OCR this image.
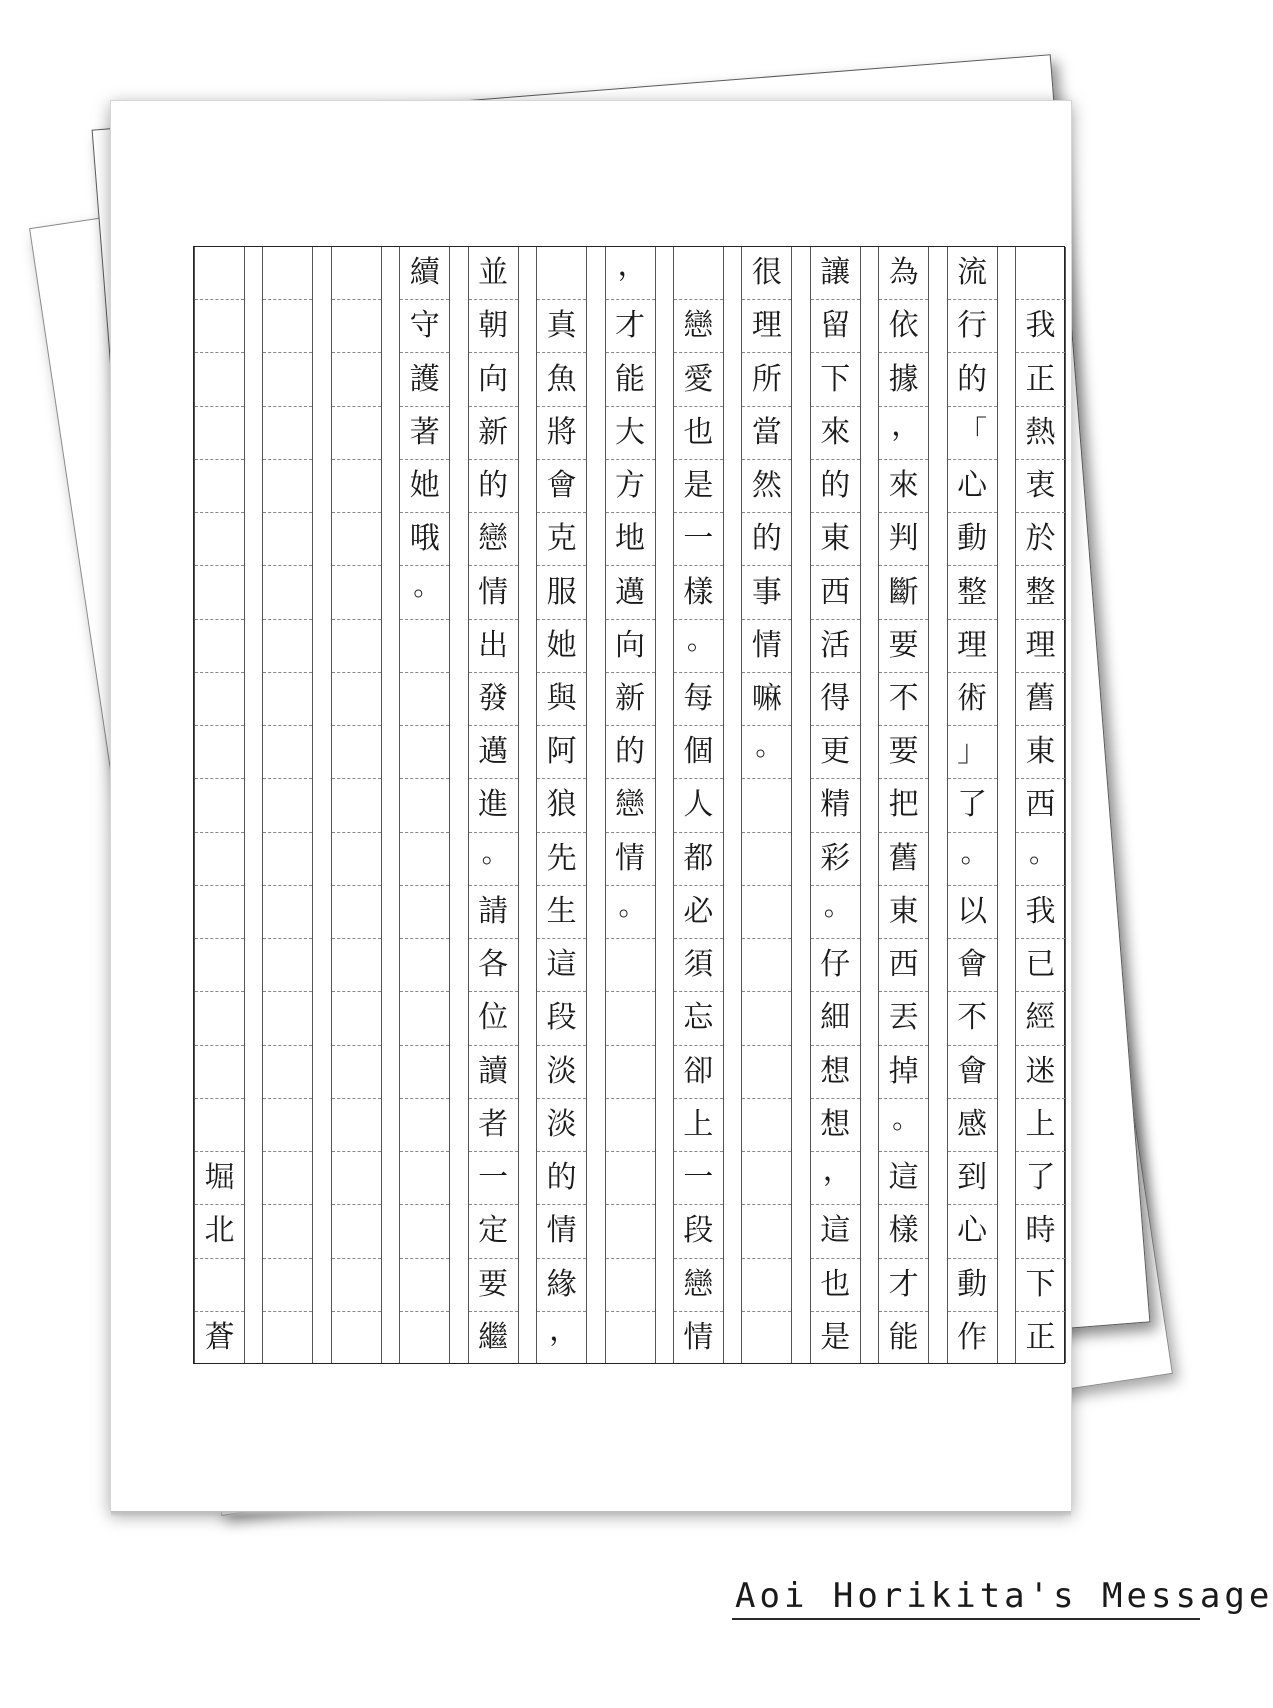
我
正
熱
衷
於
整
理
舊
東
西
。
我
已
經
迷
上
了
時
下
正
流
行
的
「
心
動
整
理
術
」
了
。
以
會
不
會
感
到
心
動
作
為
依
據
，
來
判
斷
要
不
要
把
舊
東
西
丟
掉
。
這
樣
才
能
讓
留
下
來
的
東
西
活
得
更
精
彩
。
仔
細
想
想
，
這
也
是
很
理
所
當
然
的
事
情
嘛
。
戀
愛
也
是
一
樣
。
每
個
人
都
必
須
忘
卻
上
一
段
戀
情
，
才
能
大
方
地
邁
向
新
的
戀
情
。
真
魚
將
會
克
服
她
與
阿
狼
先
生
這
段
淡
淡
的
情
緣
，
並
朝
向
新
的
戀
情
出
發
邁
進
。
請
各
位
讀
者
一
定
要
繼
續
守
護
著
她
哦
。
堀
北
蒼
Aoi Horikita's Message
